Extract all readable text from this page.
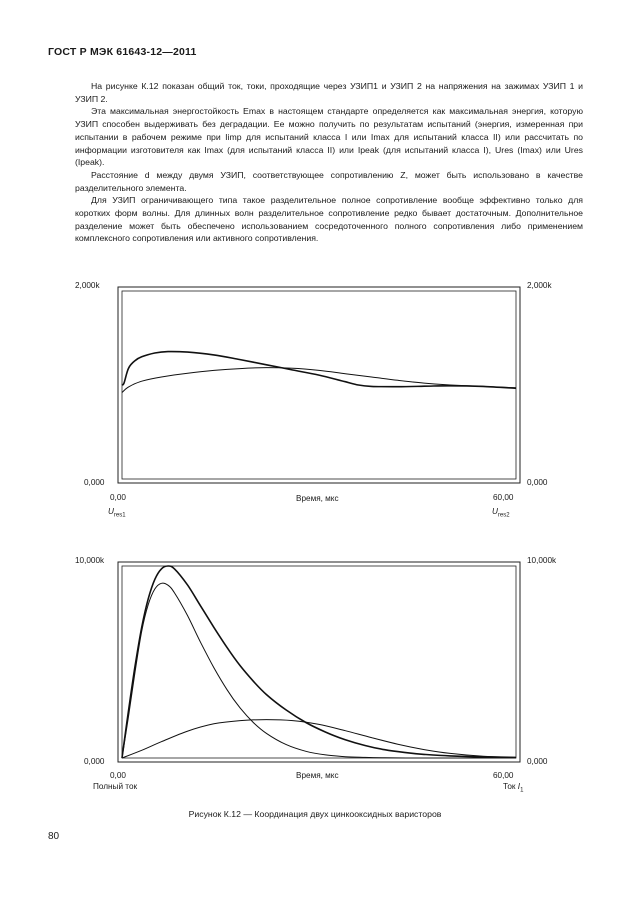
ГОСТ Р МЭК 61643-12—2011

На рисунке К.12 показан общий ток, токи, проходящие через УЗИП1 и УЗИП 2 на напряжения на зажимах УЗИП 1 и УЗИП 2.

Эта максимальная энергостойкость Emax в настоящем стандарте определяется как максимальная энергия, которую УЗИП способен выдерживать без деградации. Ее можно получить по результатам испытаний (энергия, измеренная при испытании в рабочем режиме при Iimp для испытаний класса I или Imax для испытаний класса II) или рассчитать по информации изготовителя как Imax (для испытаний класса II) или Ipeak (для испытаний класса I), Ures (Imax) или Ures (Ipeak).

Расстояние d между двумя УЗИП, соответствующее сопротивлению Z, может быть использовано в качестве разделительного элемента.

Для УЗИП ограничивающего типа такое разделительное полное сопротивление вообще эффективно только для коротких форм волны. Для длинных волн разделительное сопротивление редко бывает достаточным. Дополнительное разделение может быть обеспечено использованием сосредоточенного полного сопротивления либо применением комплексного сопротивления или активного сопротивления.

2,000k	2,000k
0,000	0,000
0,00	60,00
Время, мкс
$U_{res1}$	$U_{res2}$
10,000k	10,000k
0,000	0,000
0,00	60,00
Время, мкс
Полный ток	Ток $I_1$
Рисунок К.12 — Координация двух цинкооксидных варисторов
80
